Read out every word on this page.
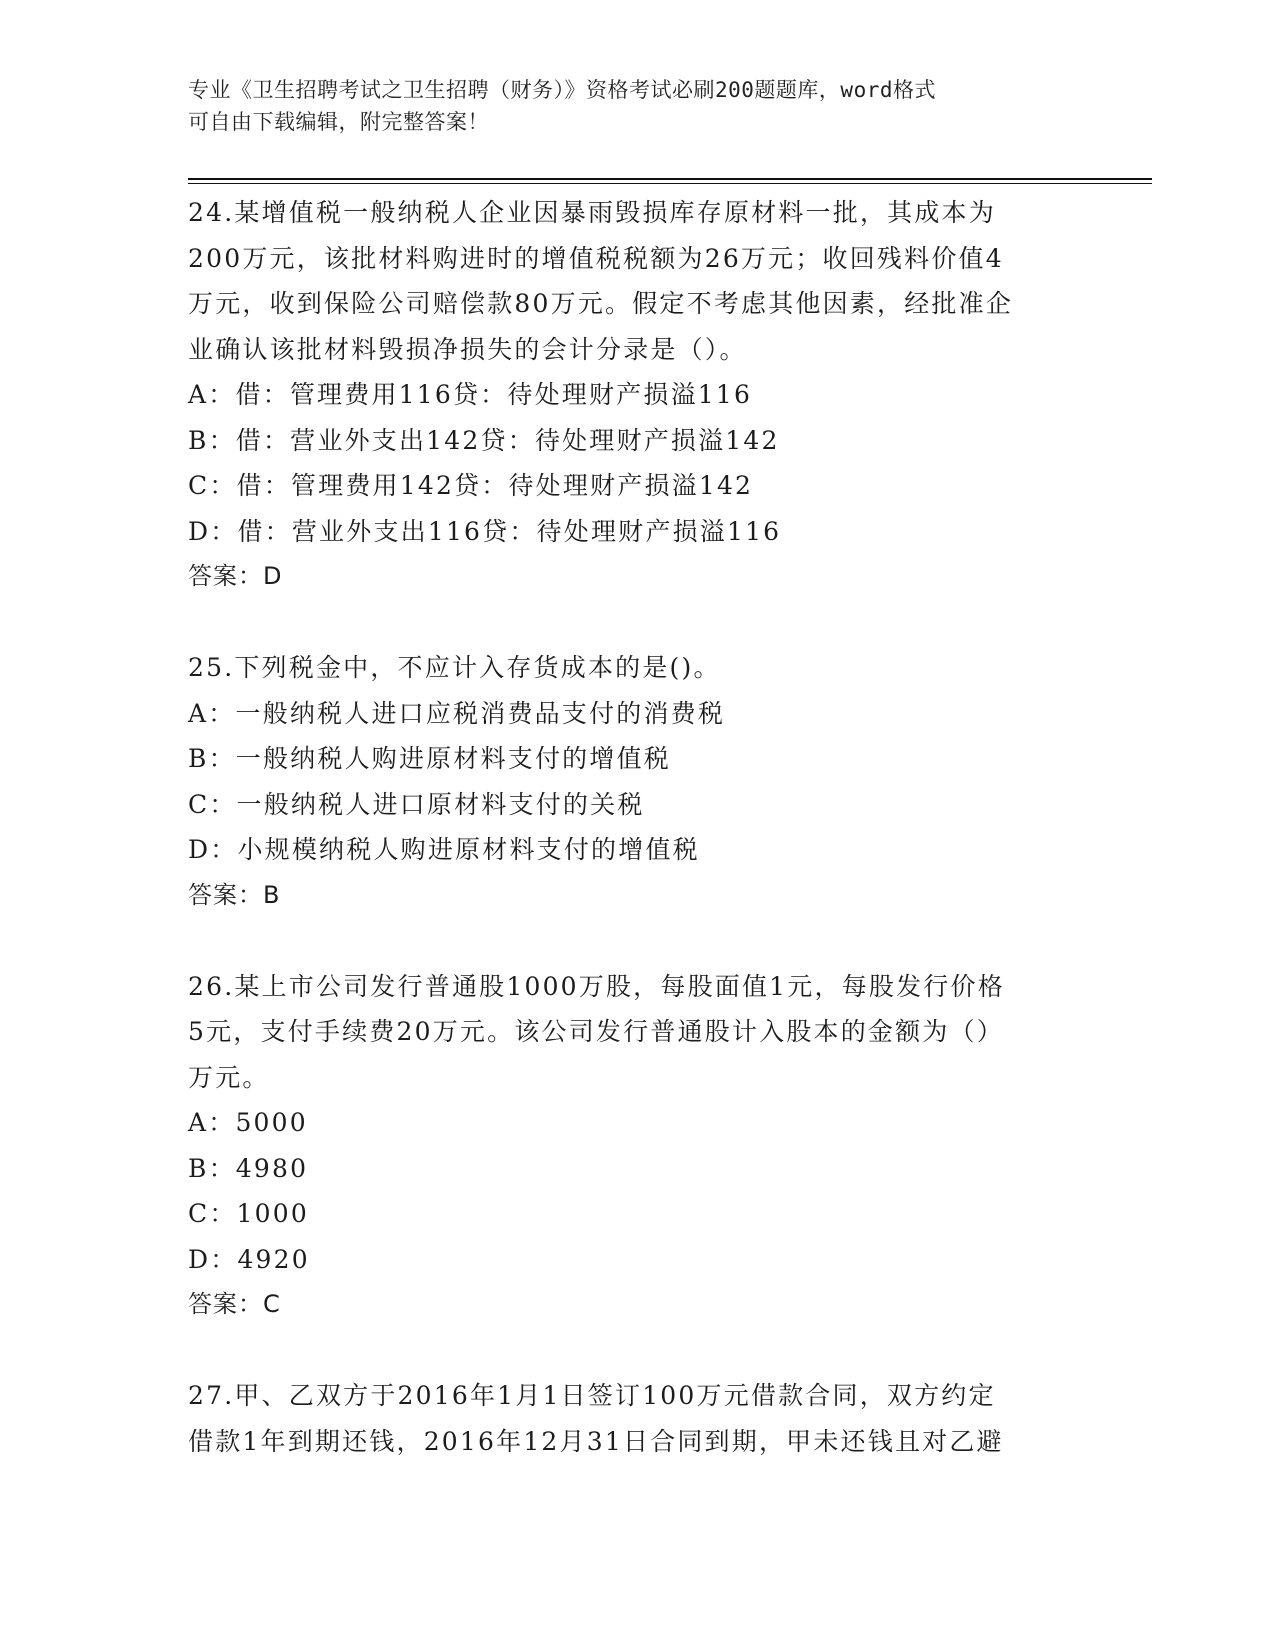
专业《卫生招聘考试之卫生招聘（财务）》资格考试必刷200题题库，word格式
可自由下载编辑，附完整答案！
24.某增值税一般纳税人企业因暴雨毁损库存原材料一批，其成本为
200万元，该批材料购进时的增值税税额为26万元；收回残料价值4
万元，收到保险公司赔偿款80万元。假定不考虑其他因素，经批准企
业确认该批材料毁损净损失的会计分录是（）。
A：借：管理费用116贷：待处理财产损溢116
B：借：营业外支出142贷：待处理财产损溢142
C：借：管理费用142贷：待处理财产损溢142
D：借：营业外支出116贷：待处理财产损溢116
答案：D
25.下列税金中，不应计入存货成本的是()。
A：一般纳税人进口应税消费品支付的消费税
B：一般纳税人购进原材料支付的增值税
C：一般纳税人进口原材料支付的关税
D：小规模纳税人购进原材料支付的增值税
答案：B
26.某上市公司发行普通股1000万股，每股面值1元，每股发行价格
5元，支付手续费20万元。该公司发行普通股计入股本的金额为（）
万元。
A：5000
B：4980
C：1000
D：4920
答案：C
27.甲、乙双方于2016年1月1日签订100万元借款合同，双方约定
借款1年到期还钱，2016年12月31日合同到期，甲未还钱且对乙避
